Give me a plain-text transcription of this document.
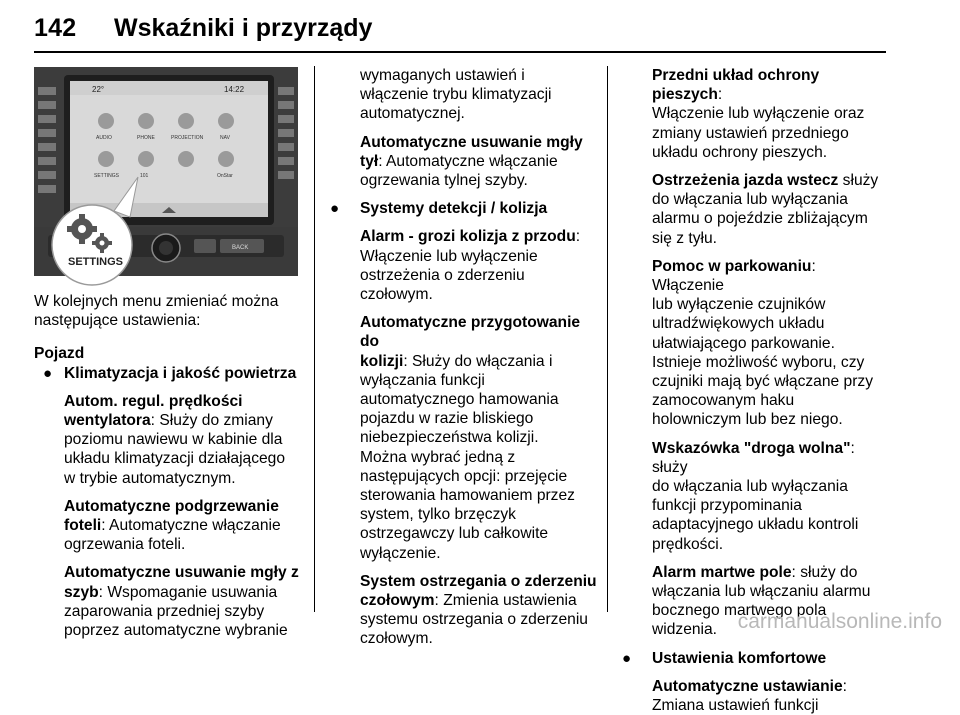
142 Wskaźniki i przyrządy
22°	14:22
AUDIO	PHONE	PROJECTION	NAV
SETTINGS	101	OnStar
BACK
SETTINGS

W kolejnych menu zmieniać można
następujące ustawienia:

Pojazd

● Klimatyzacja i jakość powietrza

Autom. regul. prędkości
wentylatora: Służy do zmiany
poziomu nawiewu w kabinie dla
układu klimatyzacji działającego
w trybie automatycznym.
Automatyczne podgrzewanie
foteli: Automatyczne włączanie
ogrzewania foteli.
Automatyczne usuwanie mgły z
szyb: Wspomaganie usuwania
zaparowania przedniej szyby
poprzez automatyczne wybranie
wymaganych ustawień i
włączenie trybu klimatyzacji
automatycznej.
Automatyczne usuwanie mgły
tył: Automatyczne włączanie
ogrzewania tylnej szyby.

● Systemy detekcji / kolizja

Alarm - grozi kolizja z przodu:
Włączenie lub wyłączenie
ostrzeżenia o zderzeniu
czołowym.
Automatyczne przygotowanie do
kolizji: Służy do włączania i
wyłączania funkcji
automatycznego hamowania
pojazdu w razie bliskiego
niebezpieczeństwa kolizji.
Można wybrać jedną z
następujących opcji: przejęcie
sterowania hamowaniem przez
system, tylko brzęczyk
ostrzegawczy lub całkowite
wyłączenie.
System ostrzegania o zderzeniu
czołowym: Zmienia ustawienia
systemu ostrzegania o zderzeniu
czołowym.
Przedni układ ochrony pieszych:
Włączenie lub wyłączenie oraz
zmiany ustawień przedniego
układu ochrony pieszych.
Ostrzeżenia jazda wstecz służy
do włączania lub wyłączania
alarmu o pojeździe zbliżającym
się z tyłu.
Pomoc w parkowaniu: Włączenie
lub wyłączenie czujników
ultradźwiękowych układu
ułatwiającego parkowanie.
Istnieje możliwość wyboru, czy
czujniki mają być włączane przy
zamocowanym haku
holowniczym lub bez niego.
Wskazówka "droga wolna": służy
do włączania lub wyłączania
funkcji przypominania
adaptacyjnego układu kontroli
prędkości.
Alarm martwe pole: służy do
włączania lub włączaniu alarmu
bocznego martwego pola
widzenia.

● Ustawienia komfortowe

Automatyczne ustawianie:
Zmiana ustawień funkcji
carmanualsonline.info
